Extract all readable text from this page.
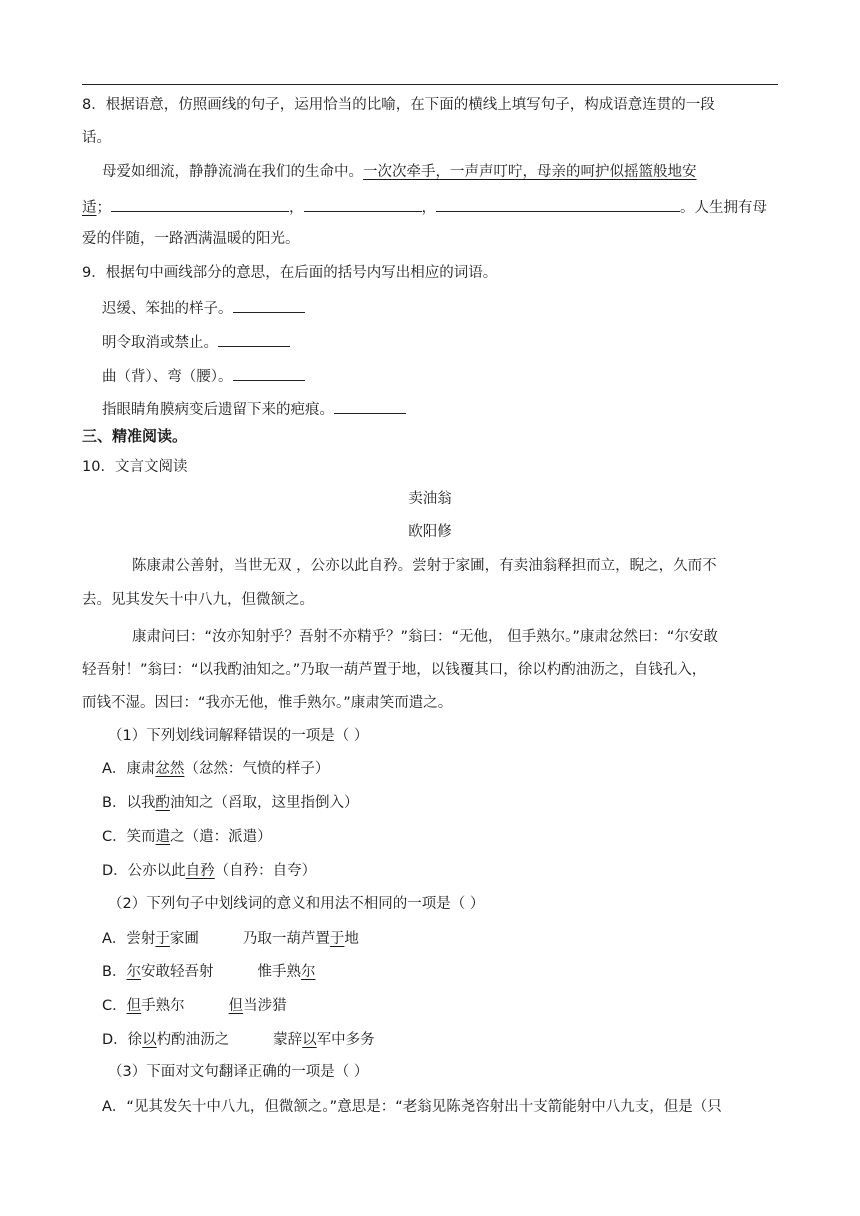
8．根据语意，仿照画线的句子，运用恰当的比喻，在下面的横线上填写句子，构成语意连贯的一段
话。
母爱如细流，静静流淌在我们的生命中。一次次牵手，一声声叮咛，母亲的呵护似摇篮般地安
适；	，	，	。人生拥有母
爱的伴随，一路洒满温暖的阳光。
9．根据句中画线部分的意思，在后面的括号内写出相应的词语。
迟缓、笨拙的样子。
明令取消或禁止。
曲（背）、弯（腰）。
指眼睛角膜病变后遗留下来的疤痕。
三、精准阅读。
10．文言文阅读
卖油翁
欧阳修
陈康肃公善射，当世无双 ，公亦以此自矜。尝射于家圃，有卖油翁释担而立，睨之，久而不
去。见其发矢十中八九，但微颔之。
康肃问曰：“汝亦知射乎？吾射不亦精乎？”翁曰：“无他， 但手熟尔。”康肃忿然曰：“尔安敢
轻吾射！”翁曰：“以我酌油知之。”乃取一葫芦置于地，以钱覆其口，徐以杓酌油沥之，自钱孔入，
而钱不湿。因曰：“我亦无他，惟手熟尔。”康肃笑而遣之。
（1）下列划线词解释错误的一项是（ ）
A．康肃忿然（忿然：气愤的样子）
B．以我酌油知之（舀取，这里指倒入）
C．笑而遣之（遣：派遣）
D．公亦以此自矜（自矜：自夸）
（2）下列句子中划线词的意义和用法不相同的一项是（ ）
A．尝射于家圃	乃取一葫芦置于地
B．尔安敢轻吾射	惟手熟尔
C．但手熟尔	但当涉猎
D．徐以杓酌油沥之	蒙辞以军中多务
（3）下面对文句翻译正确的一项是（ ）
A．“见其发矢十中八九，但微颔之。”意思是：“老翁见陈尧咨射出十支箭能射中八九支，但是（只
